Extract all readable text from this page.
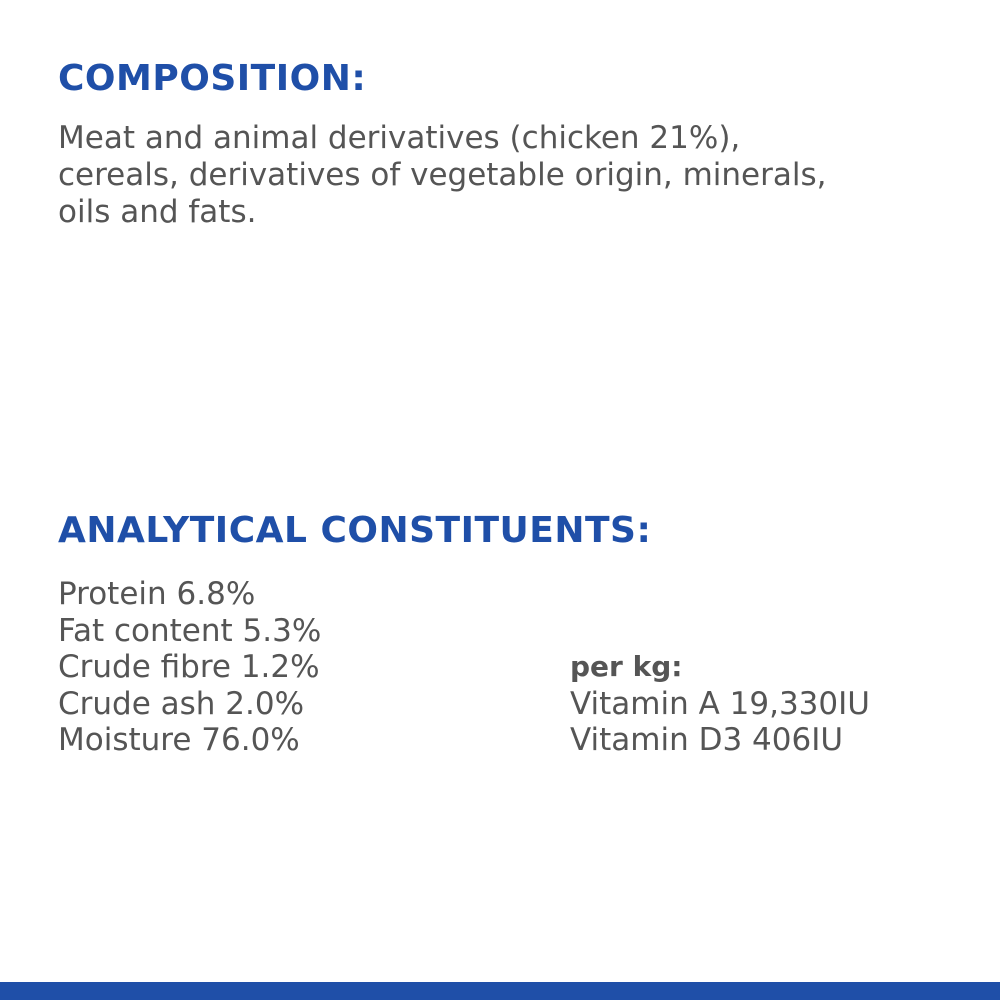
COMPOSITION:
Meat and animal derivatives (chicken 21%),
cereals, derivatives of vegetable origin, minerals,
oils and fats.
ANALYTICAL CONSTITUENTS:
Protein 6.8%
Fat content 5.3%
Crude fibre 1.2%
Crude ash 2.0%
Moisture 76.0%
per kg:
Vitamin A 19,330IU
Vitamin D3 406IU
